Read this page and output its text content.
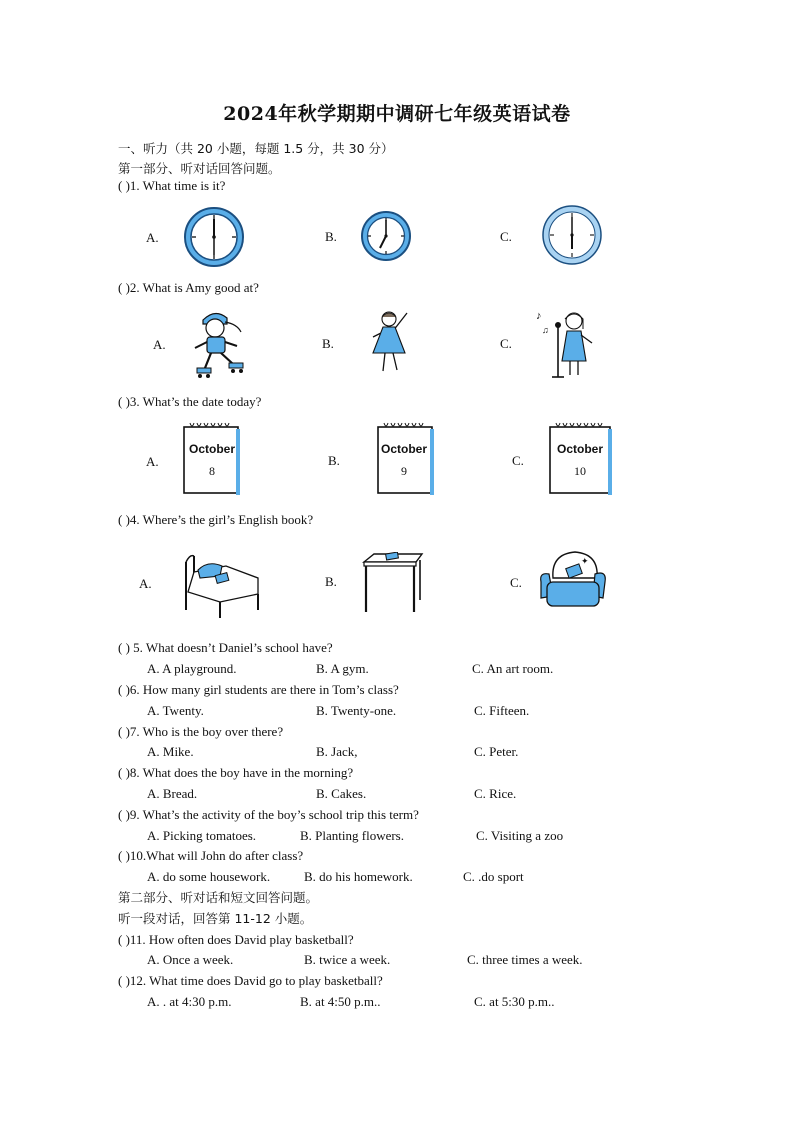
2024年秋学期期中调研七年级英语试卷
一、听力（共 20 小题，每题 1.5 分，共 30 分）
第一部分、听对话回答问题。
( )1. What time is it?
A.	B.	C.
( )2. What is Amy good at?
A.	B.	C.
♪
♫
( )3. What’s the date today?
A.	B.	C.
October
8
October
9
October
10
( )4. Where’s the girl’s English book?
A.	B.	C.
✦
( ) 5. What doesn’t Daniel’s school have?
A. A playground.	B. A gym.	C. An art room.
( )6. How many girl students are there in Tom’s class?
A. Twenty.	B. Twenty-one.	C. Fifteen.
( )7. Who is the boy over there?
A. Mike.	B. Jack,	C. Peter.
( )8. What does the boy have in the morning?
A. Bread.	B. Cakes.	C. Rice.
( )9. What’s the activity of the boy’s school trip this term?
A. Picking tomatoes.	B. Planting flowers.	C. Visiting a zoo
( )10.What will John do after class?
A. do some housework.	B. do his homework.	C. .do sport
第二部分、听对话和短文回答问题。
听一段对话，回答第 11-12 小题。
( )11. How often does David play basketball?
A. Once a week.	B. twice a week.	C. three times a week.
( )12. What time does David go to play basketball?
A. . at 4:30 p.m.	B. at 4:50 p.m..	C. at 5:30 p.m..
